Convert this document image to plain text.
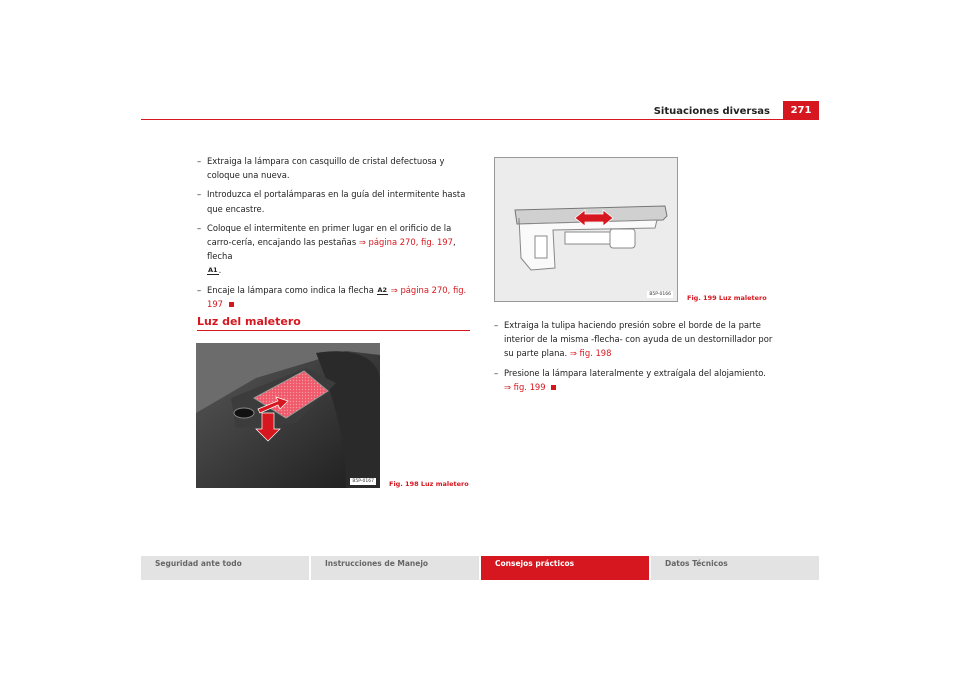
Situaciones diversas	271
– Extraiga la lámpara con casquillo de cristal defectuosa y coloque una nueva.
– Introduzca el portalámparas en la guía del intermitente hasta que encastre.
– Coloque el intermitente en primer lugar en el orificio de la carro-cería, encajando las pestañas ⇒ página 270, fig. 197, flecha
A1.
– Encaje la lámpara como indica la flecha A2 ⇒ página 270, fig. 197
Luz del maletero
B5P-0167	Fig. 198 Luz maletero
B5P-0166	Fig. 199 Luz maletero
– Extraiga la tulipa haciendo presión sobre el borde de la parte interior de la misma -flecha- con ayuda de un destornillador por su parte plana. ⇒ fig. 198
– Presione la lámpara lateralmente y extraígala del alojamiento.
⇒ fig. 199
Seguridad ante todo	Instrucciones de Manejo	Consejos prácticos	Datos Técnicos
